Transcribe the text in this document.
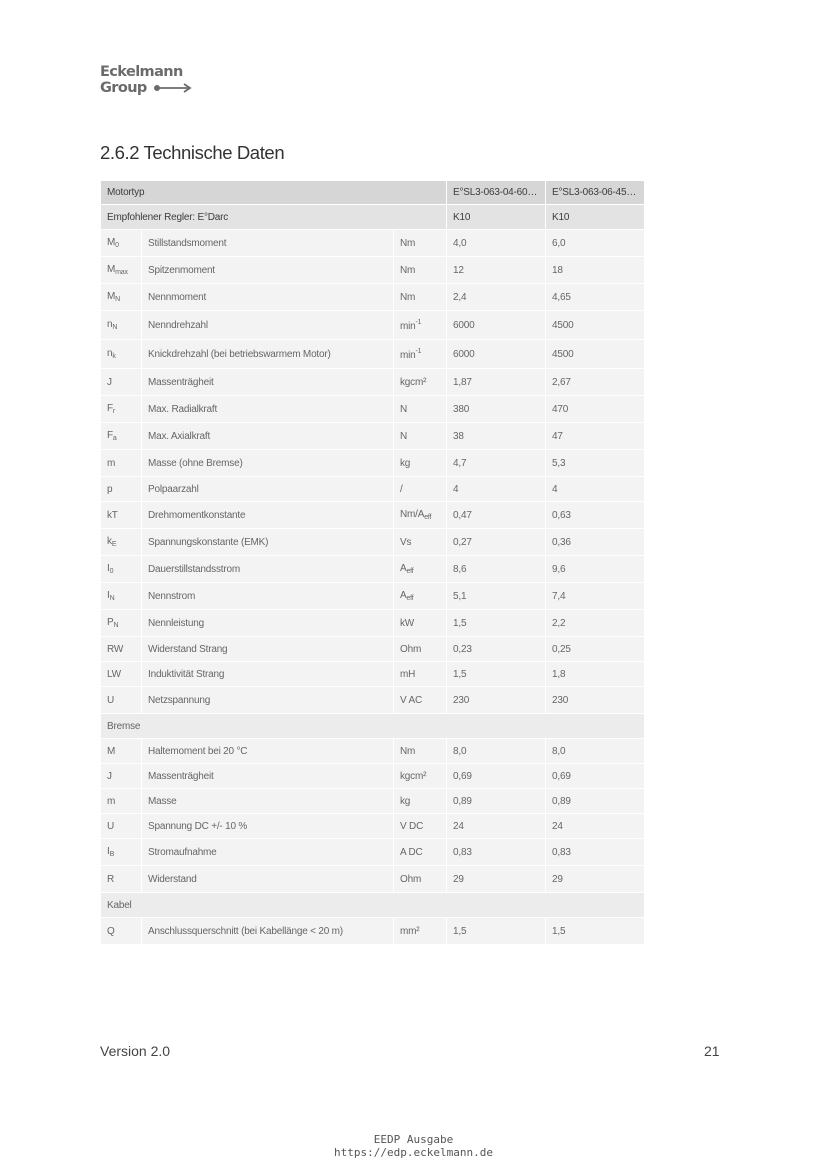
Eckelmann
Group
2.6.2 Technische Daten
Motortyp			E°SL3-063-04-60…	E°SL3-063-06-45…
Empfohlener Regler: E°Darc			K10	K10
$M_0$	Stillstandsmoment	Nm	4,0	6,0
$M_{max}$	Spitzenmoment	Nm	12	18
$M_N$	Nennmoment	Nm	2,4	4,65
$n_N$	Nenndrehzahl	$\min^{-1}$	6000	4500
$n_k$	Knickdrehzahl (bei betriebswarmem Motor)	$\min^{-1}$	6000	4500
J	Massenträgheit	kgcm²	1,87	2,67
$F_r$	Max. Radialkraft	N	380	470
$F_a$	Max. Axialkraft	N	38	47
m	Masse (ohne Bremse)	kg	4,7	5,3
p	Polpaarzahl	/	4	4
kT	Drehmomentkonstante	$Nm/A_{eff}$	0,47	0,63
$k_E$	Spannungskonstante (EMK)	Vs	0,27	0,36
$I_0$	Dauerstillstandsstrom	$A_{eff}$	8,6	9,6
$I_N$	Nennstrom	$A_{eff}$	5,1	7,4
$P_N$	Nennleistung	kW	1,5	2,2
RW	Widerstand Strang	Ohm	0,23	0,25
LW	Induktivität Strang	mH	1,5	1,8
U	Netzspannung	V AC	230	230
Bremse				
M	Haltemoment bei 20 °C	Nm	8,0	8,0
J	Massenträgheit	kgcm²	0,69	0,69
m	Masse	kg	0,89	0,89
U	Spannung DC +/- 10 %	V DC	24	24
$I_B$	Stromaufnahme	A DC	0,83	0,83
R	Widerstand	Ohm	29	29
Kabel				
Q	Anschlussquerschnitt (bei Kabellänge < 20 m)	mm²	1,5	1,5
Version 2.0	21
EEDP Ausgabe
https://edp.eckelmann.de
